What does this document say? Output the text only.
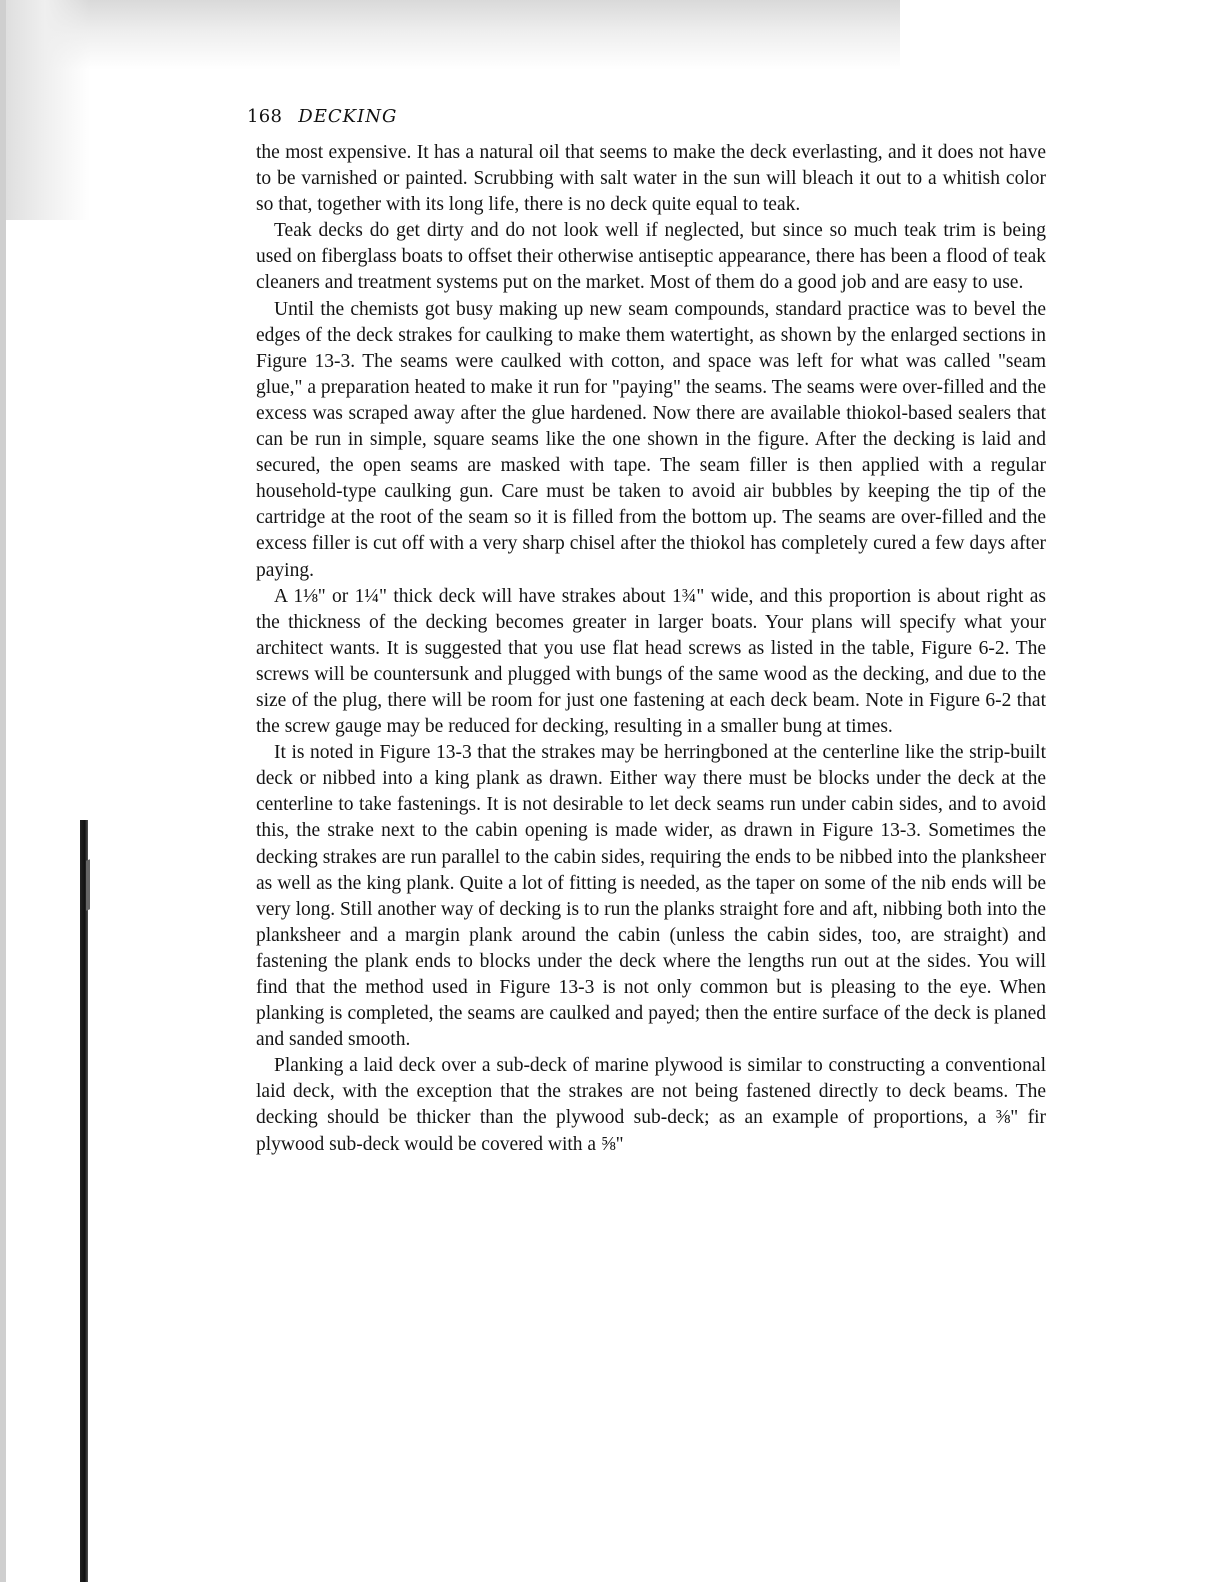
168 DECKING

the most expensive. It has a natural oil that seems to make the deck everlasting, and it does not have to be varnished or painted. Scrubbing with salt water in the sun will bleach it out to a whitish color so that, together with its long life, there is no deck quite equal to teak.

Teak decks do get dirty and do not look well if neglected, but since so much teak trim is being used on fiberglass boats to offset their otherwise antiseptic appearance, there has been a flood of teak cleaners and treatment systems put on the market. Most of them do a good job and are easy to use.

Until the chemists got busy making up new seam compounds, standard practice was to bevel the edges of the deck strakes for caulking to make them watertight, as shown by the enlarged sections in Figure 13-3. The seams were caulked with cotton, and space was left for what was called "seam glue," a preparation heated to make it run for "paying" the seams. The seams were over-filled and the excess was scraped away after the glue hardened. Now there are available thiokol-based sealers that can be run in simple, square seams like the one shown in the figure. After the decking is laid and secured, the open seams are masked with tape. The seam filler is then applied with a regular household-type caulking gun. Care must be taken to avoid air bubbles by keeping the tip of the cartridge at the root of the seam so it is filled from the bottom up. The seams are over-filled and the excess filler is cut off with a very sharp chisel after the thiokol has completely cured a few days after paying.

A 1⅛" or 1¼" thick deck will have strakes about 1¾" wide, and this proportion is about right as the thickness of the decking becomes greater in larger boats. Your plans will specify what your architect wants. It is suggested that you use flat head screws as listed in the table, Figure 6-2. The screws will be countersunk and plugged with bungs of the same wood as the decking, and due to the size of the plug, there will be room for just one fastening at each deck beam. Note in Figure 6-2 that the screw gauge may be reduced for decking, resulting in a smaller bung at times.

It is noted in Figure 13-3 that the strakes may be herringboned at the centerline like the strip-built deck or nibbed into a king plank as drawn. Either way there must be blocks under the deck at the centerline to take fastenings. It is not desirable to let deck seams run under cabin sides, and to avoid this, the strake next to the cabin opening is made wider, as drawn in Figure 13-3. Sometimes the decking strakes are run parallel to the cabin sides, requiring the ends to be nibbed into the planksheer as well as the king plank. Quite a lot of fitting is needed, as the taper on some of the nib ends will be very long. Still another way of decking is to run the planks straight fore and aft, nibbing both into the planksheer and a margin plank around the cabin (unless the cabin sides, too, are straight) and fastening the plank ends to blocks under the deck where the lengths run out at the sides. You will find that the method used in Figure 13-3 is not only common but is pleasing to the eye. When planking is completed, the seams are caulked and payed; then the entire surface of the deck is planed and sanded smooth.

Planking a laid deck over a sub-deck of marine plywood is similar to constructing a conventional laid deck, with the exception that the strakes are not being fastened directly to deck beams. The decking should be thicker than the plywood sub-deck; as an example of proportions, a ⅜" fir plywood sub-deck would be covered with a ⅝"
